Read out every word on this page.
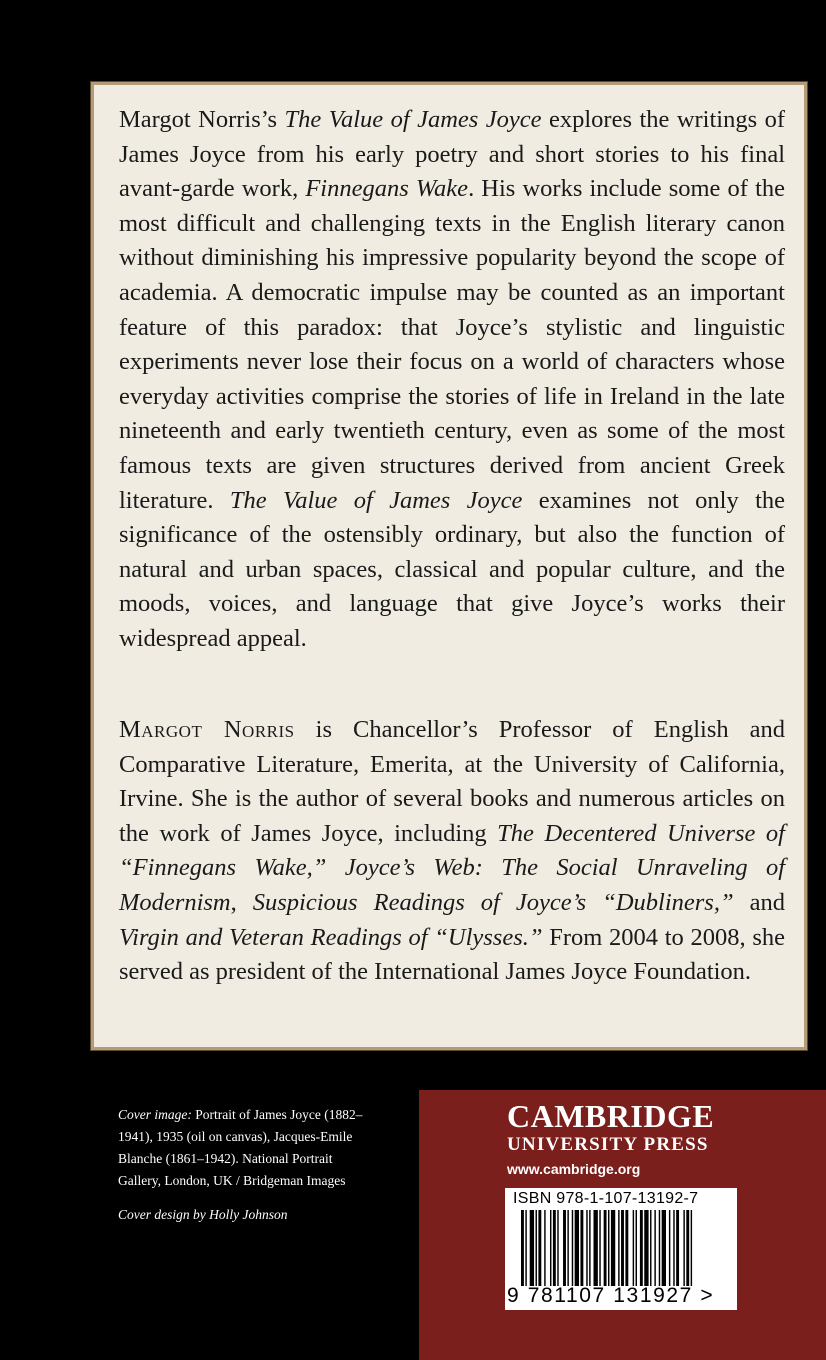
Margot Norris’s The Value of James Joyce explores the writings of James Joyce from his early poetry and short stories to his final avant-garde work, Finnegans Wake. His works include some of the most difficult and challenging texts in the English literary canon without diminishing his impressive popularity beyond the scope of academia. A democratic impulse may be counted as an important feature of this paradox: that Joyce’s stylistic and linguistic experiments never lose their focus on a world of characters whose everyday activities comprise the stories of life in Ireland in the late nineteenth and early twentieth century, even as some of the most famous texts are given structures derived from ancient Greek literature. The Value of James Joyce examines not only the significance of the ostensibly ordinary, but also the function of natural and urban spaces, classical and popular culture, and the moods, voices, and language that give Joyce’s works their widespread appeal.

Margot Norris is Chancellor’s Professor of English and Comparative Literature, Emerita, at the University of California, Irvine. She is the author of several books and numerous articles on the work of James Joyce, including The Decentered Universe of “Finnegans Wake,” Joyce’s Web: The Social Unraveling of Modernism, Suspicious Readings of Joyce’s “Dubliners,” and Virgin and Veteran Readings of “Ulysses.” From 2004 to 2008, she served as president of the International James Joyce Foundation.

Cover image: Portrait of James Joyce (1882–1941), 1935 (oil on canvas), Jacques-Emile Blanche (1861–1942). National Portrait Gallery, London, UK / Bridgeman Images

Cover design by Holly Johnson

CAMBRIDGE
UNIVERSITY PRESS
www.cambridge.org
ISBN 978-1-107-13192-7
9 781107 131927 >
